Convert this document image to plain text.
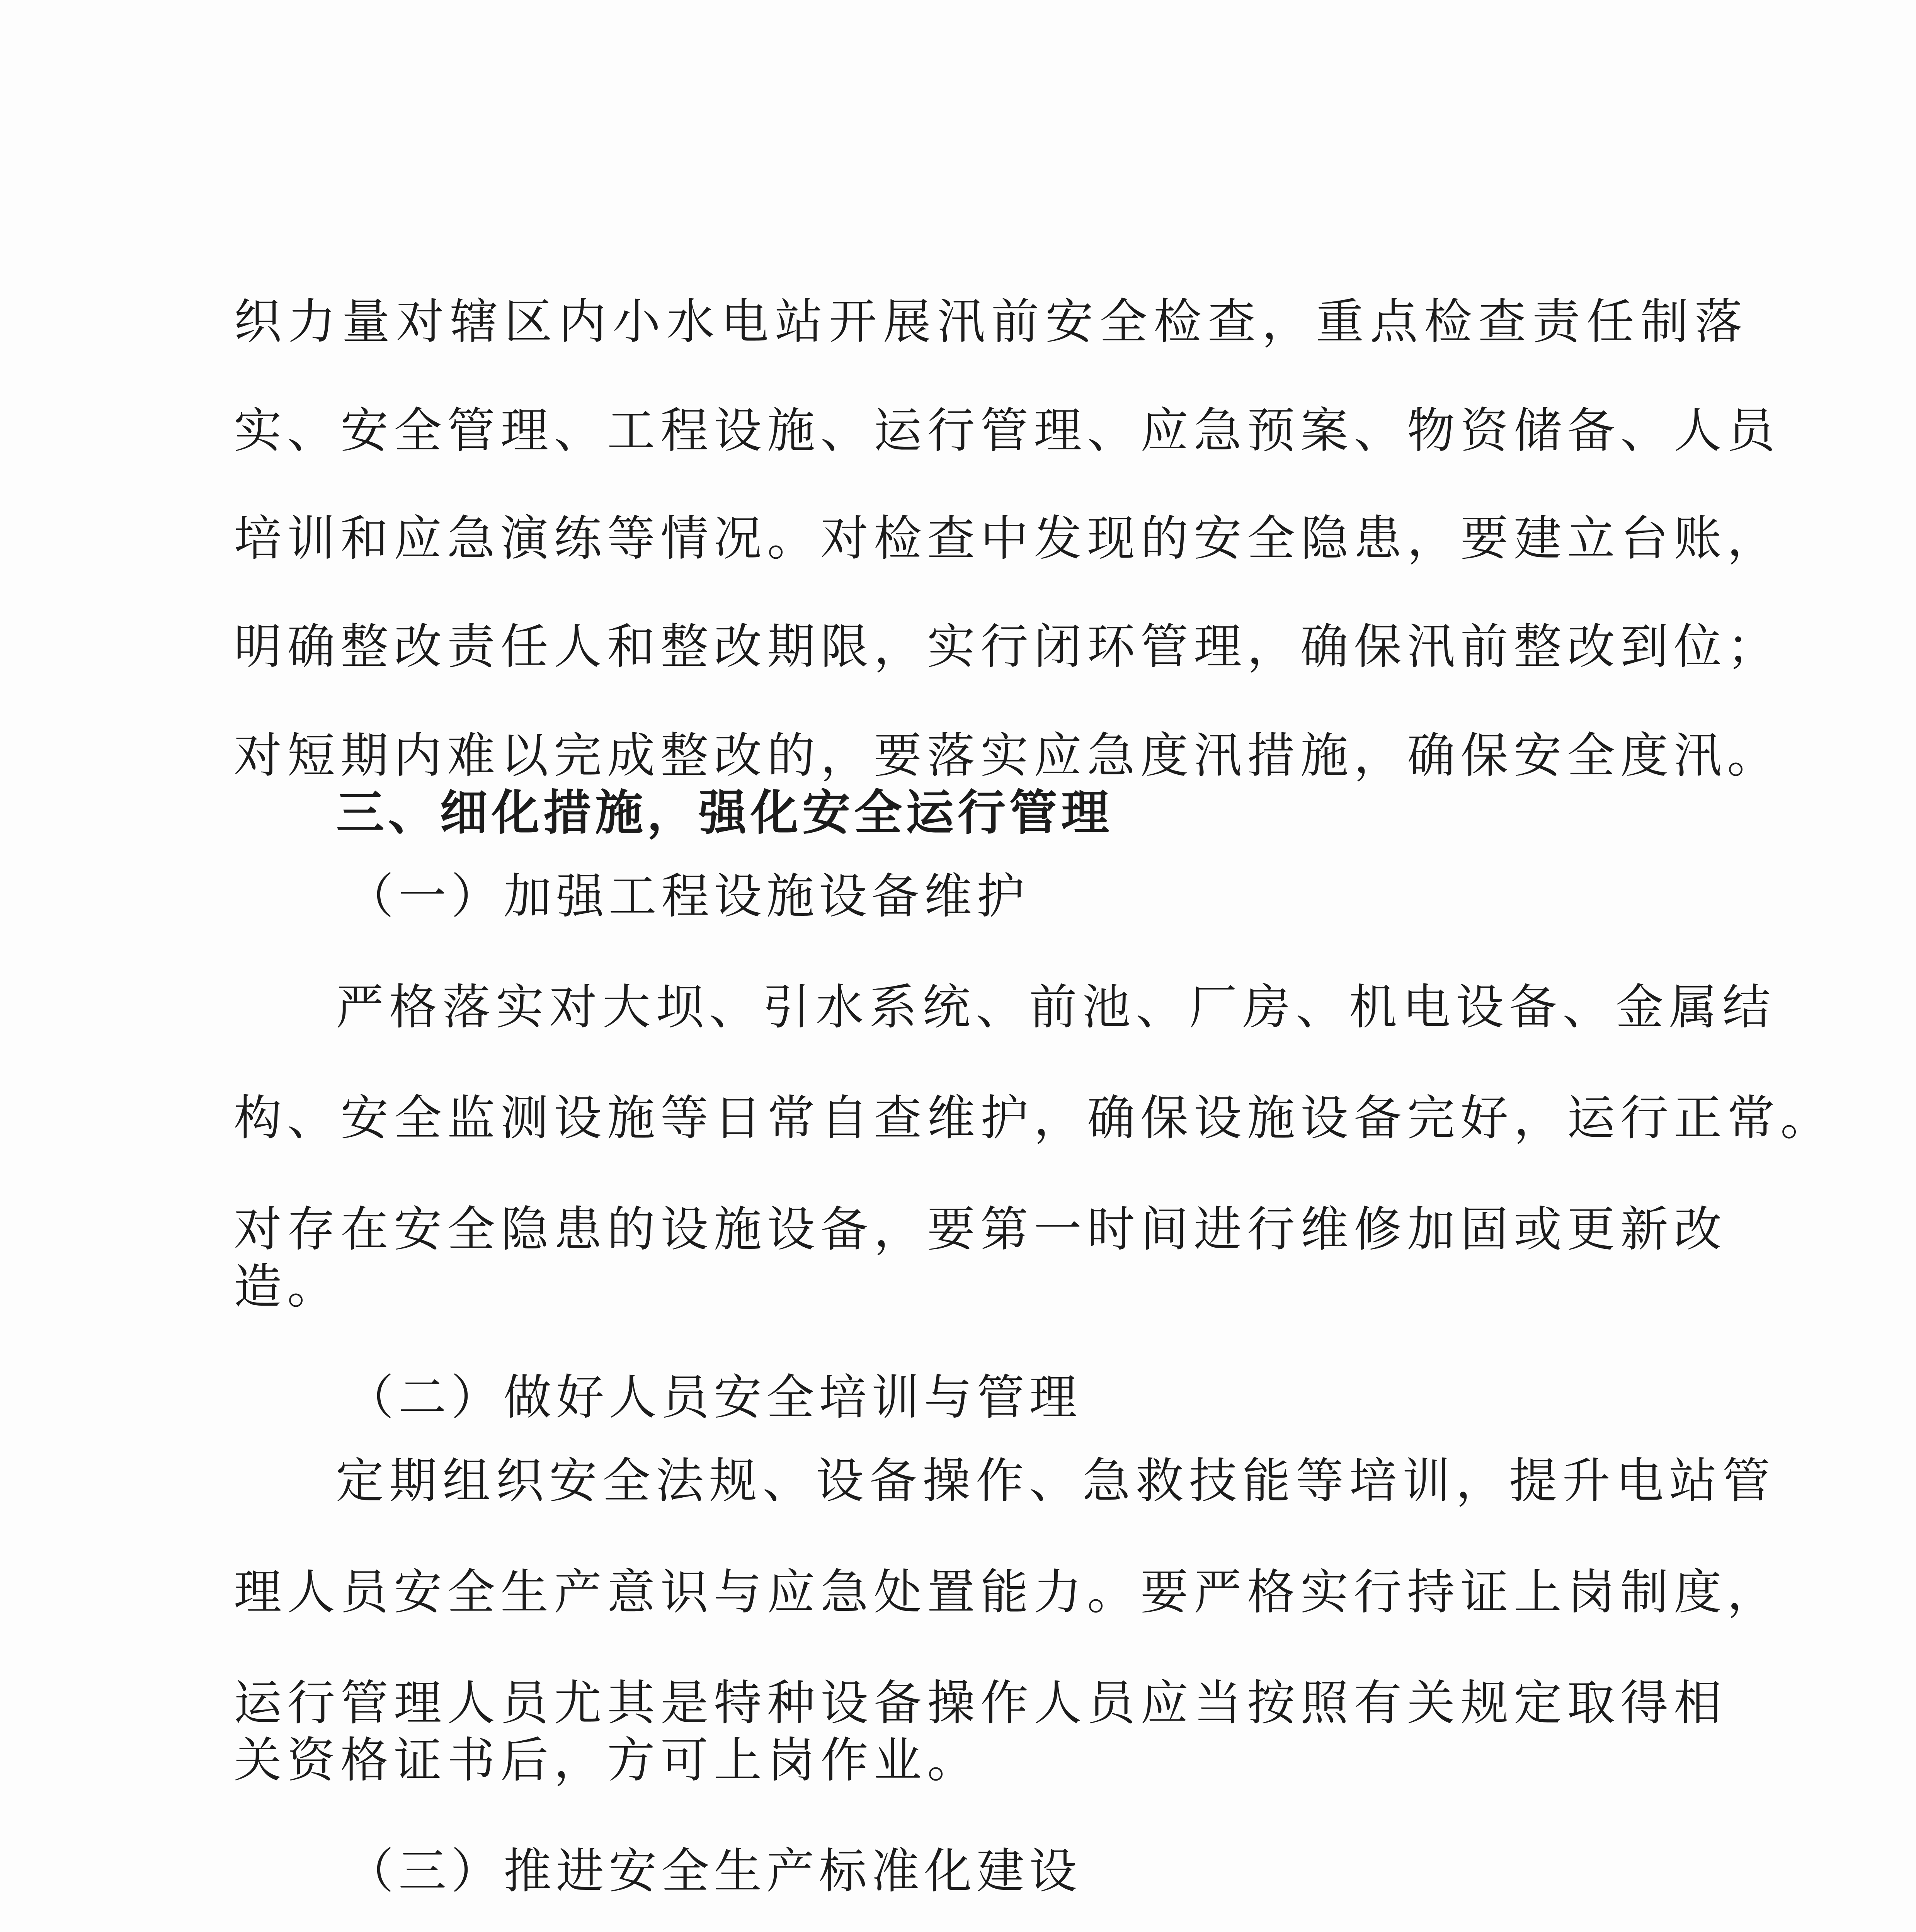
织力量对辖区内小水电站开展汛前安全检查，重点检查责任制落
实、安全管理、工程设施、运行管理、应急预案、物资储备、人员
培训和应急演练等情况。对检查中发现的安全隐患，要建立台账，
明确整改责任人和整改期限，实行闭环管理，确保汛前整改到位；
对短期内难以完成整改的，要落实应急度汛措施，确保安全度汛。
三、细化措施，强化安全运行管理
（一）加强工程设施设备维护
严格落实对大坝、引水系统、前池、厂房、机电设备、金属结
构、安全监测设施等日常自查维护，确保设施设备完好，运行正常。
对存在安全隐患的设施设备，要第一时间进行维修加固或更新改
造。
（二）做好人员安全培训与管理
定期组织安全法规、设备操作、急救技能等培训，提升电站管
理人员安全生产意识与应急处置能力。要严格实行持证上岗制度，
运行管理人员尤其是特种设备操作人员应当按照有关规定取得相
关资格证书后，方可上岗作业。
（三）推进安全生产标准化建设
